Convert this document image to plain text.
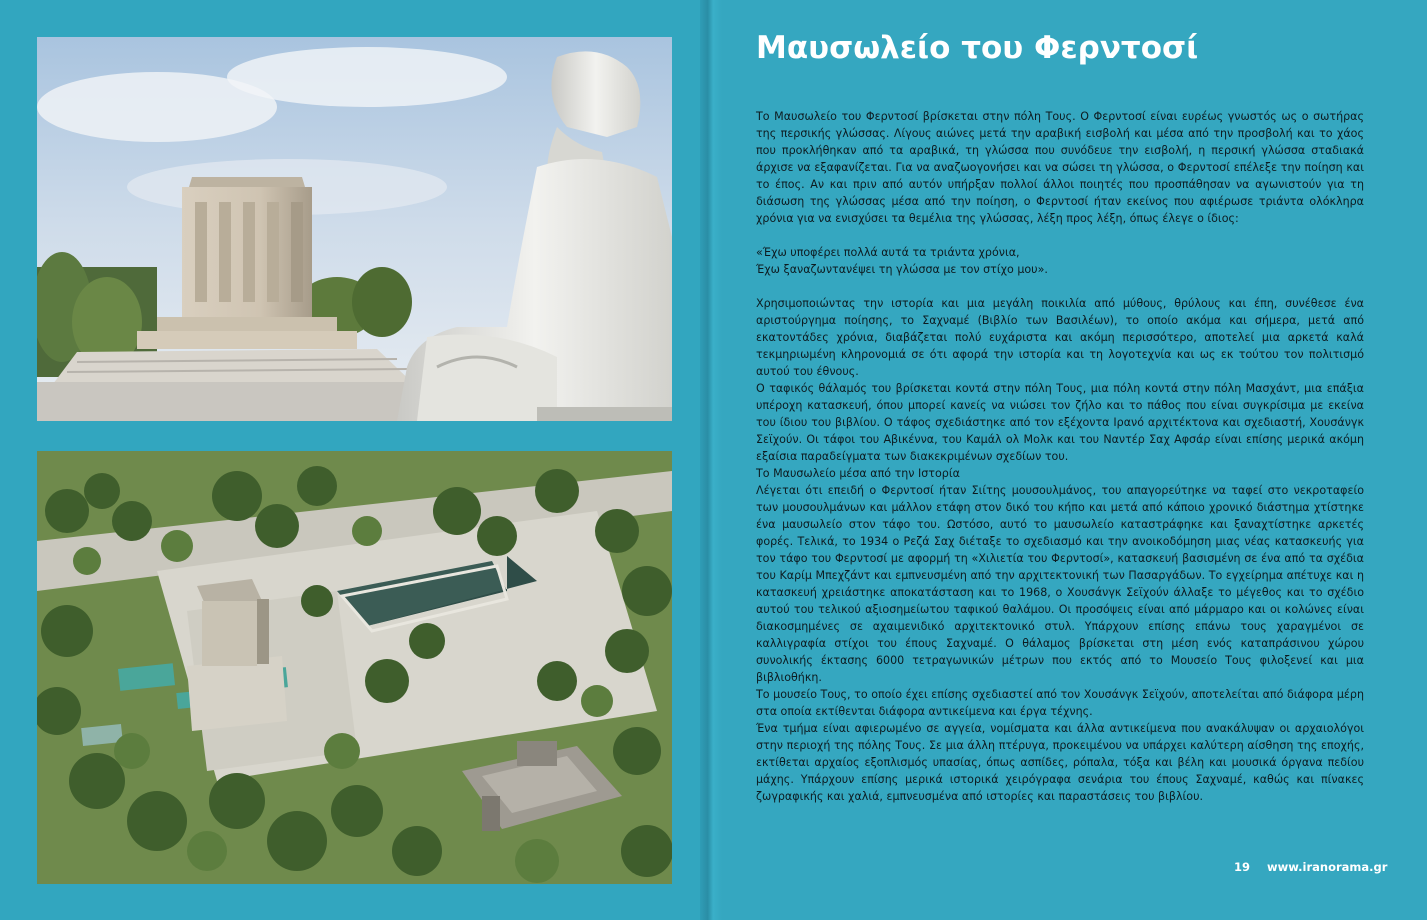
Μαυσωλείο του Φερντοσί

Το Μαυσωλείο του Φερντοσί βρίσκεται στην πόλη Τους. Ο Φερντοσί είναι ευρέως γνωστός ως ο σωτήρας της περσικής γλώσσας. Λίγους αιώνες μετά την αραβική εισβολή και μέσα από την προσβολή και το χάος που προκλήθηκαν από τα αραβικά, τη γλώσσα που συνόδευε την εισβολή, η περσική γλώσσα σταδιακά άρχισε να εξαφανίζεται. Για να αναζωογονήσει και να σώσει τη γλώσσα, ο Φερντοσί επέλεξε την ποίηση και το έπος. Αν και πριν από αυτόν υπήρξαν πολλοί άλλοι ποιητές που προσπάθησαν να αγωνιστούν για τη διάσωση της γλώσσας μέσα από την ποίηση, ο Φερντοσί ήταν εκείνος που αφιέρωσε τριάντα ολόκληρα χρόνια για να ενισχύσει τα θεμέλια της γλώσσας, λέξη προς λέξη, όπως έλεγε ο ίδιος:

«Έχω υποφέρει πολλά αυτά τα τριάντα χρόνια,

Έχω ξαναζωντανέψει τη γλώσσα με τον στίχο μου».

Χρησιμοποιώντας την ιστορία και μια μεγάλη ποικιλία από μύθους, θρύλους και έπη, συνέθεσε ένα αριστούργημα ποίησης, το Σαχναμέ (Βιβλίο των Βασιλέων), το οποίο ακόμα και σήμερα, μετά από εκατοντάδες χρόνια, διαβάζεται πολύ ευχάριστα και ακόμη περισσότερο, αποτελεί μια αρκετά καλά τεκμηριωμένη κληρονομιά σε ότι αφορά την ιστορία και τη λογοτεχνία και ως εκ τούτου τον πολιτισμό αυτού του έθνους.

Ο ταφικός θάλαμός του βρίσκεται κοντά στην πόλη Τους, μια πόλη κοντά στην πόλη Μασχάντ, μια επάξια υπέροχη κατασκευή, όπου μπορεί κανείς να νιώσει τον ζήλο και το πάθος που είναι συγκρίσιμα με εκείνα του ίδιου του βιβλίου. Ο τάφος σχεδιάστηκε από τον εξέχοντα Ιρανό αρχιτέκτονα και σχεδιαστή, Χουσάνγκ Σεϊχούν. Οι τάφοι του Αβικέννα, του Καμάλ ολ Μολκ και του Ναντέρ Σαχ Αφσάρ είναι επίσης μερικά ακόμη εξαίσια παραδείγματα των διακεκριμένων σχεδίων του.

Το Μαυσωλείο μέσα από την Ιστορία

Λέγεται ότι επειδή ο Φερντοσί ήταν Σιίτης μουσουλμάνος, του απαγορεύτηκε να ταφεί στο νεκροταφείο των μουσουλμάνων και μάλλον ετάφη στον δικό του κήπο και μετά από κάποιο χρονικό διάστημα χτίστηκε ένα μαυσωλείο στον τάφο του. Ωστόσο, αυτό το μαυσωλείο καταστράφηκε και ξαναχτίστηκε αρκετές φορές. Τελικά, το 1934 ο Ρεζά Σαχ διέταξε το σχεδιασμό και την ανοικοδόμηση μιας νέας κατασκευής για τον τάφο του Φερντοσί με αφορμή τη «Χιλιετία του Φερντοσί», κατασκευή βασισμένη σε ένα από τα σχέδια του Καρίμ Μπεχζάντ και εμπνευσμένη από την αρχιτεκτονική των Πασαργάδων. Το εγχείρημα απέτυχε και η κατασκευή χρειάστηκε αποκατάσταση και το 1968, ο Χουσάνγκ Σεϊχούν άλλαξε το μέγεθος και το σχέδιο αυτού του τελικού αξιοσημείωτου ταφικού θαλάμου. Οι προσόψεις είναι από μάρμαρο και οι κολώνες είναι διακοσμημένες σε αχαιμενιδικό αρχιτεκτονικό στυλ. Υπάρχουν επίσης επάνω τους χαραγμένοι σε καλλιγραφία στίχοι του έπους Σαχναμέ. Ο θάλαμος βρίσκεται στη μέση ενός καταπράσινου χώρου συνολικής έκτασης 6000 τετραγωνικών μέτρων που εκτός από το Μουσείο Τους φιλοξενεί και μια βιβλιοθήκη.

Το μουσείο Τους, το οποίο έχει επίσης σχεδιαστεί από τον Χουσάνγκ Σεϊχούν, αποτελείται από διάφορα μέρη στα οποία εκτίθενται διάφορα αντικείμενα και έργα τέχνης.

Ένα τμήμα είναι αφιερωμένο σε αγγεία, νομίσματα και άλλα αντικείμενα που ανακάλυψαν οι αρχαιολόγοι στην περιοχή της πόλης Τους. Σε μια άλλη πτέρυγα, προκειμένου να υπάρχει καλύτερη αίσθηση της εποχής, εκτίθεται αρχαίος εξοπλισμός υπασίας, όπως ασπίδες, ρόπαλα, τόξα και βέλη και μουσικά όργανα πεδίου μάχης. Υπάρχουν επίσης μερικά ιστορικά χειρόγραφα σενάρια του έπους Σαχναμέ, καθώς και πίνακες ζωγραφικής και χαλιά, εμπνευσμένα από ιστορίες και παραστάσεις του βιβλίου.

19 www.iranorama.gr
